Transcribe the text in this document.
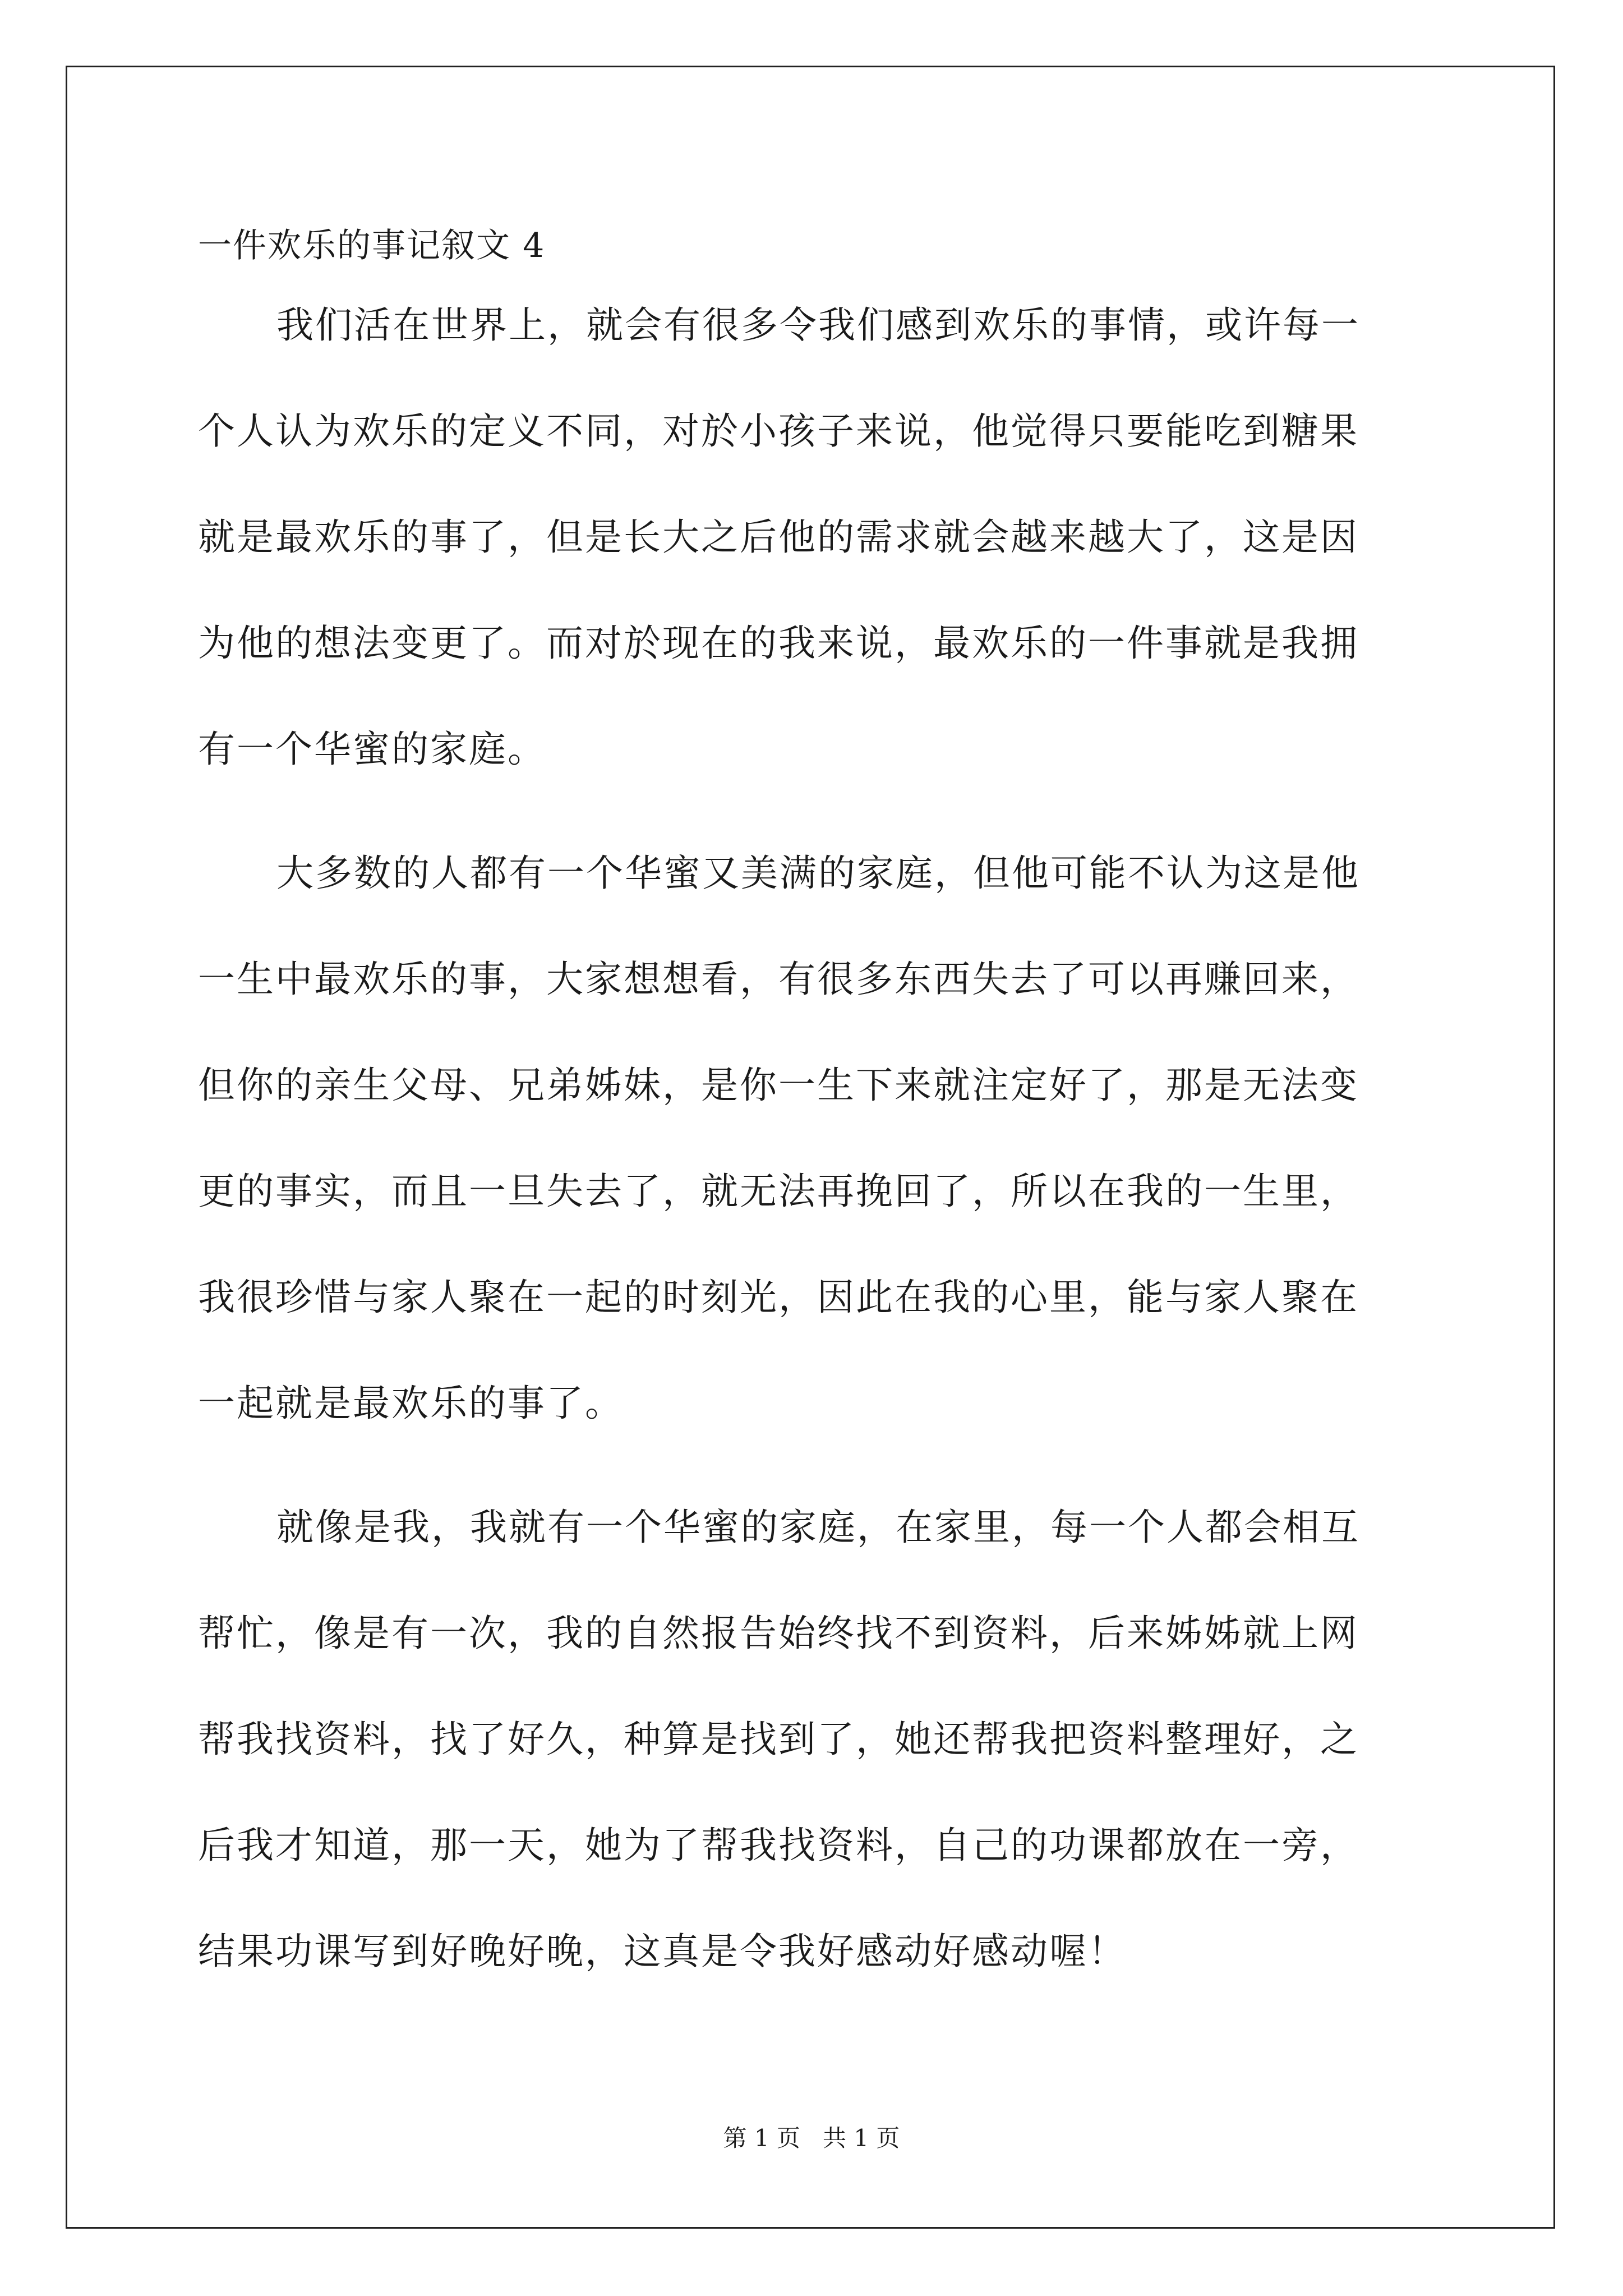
一件欢乐的事记叙文 4
我们活在世界上，就会有很多令我们感到欢乐的事情，或许每一
个人认为欢乐的定义不同，对於小孩子来说，他觉得只要能吃到糖果
就是最欢乐的事了，但是长大之后他的需求就会越来越大了，这是因
为他的想法变更了。而对於现在的我来说，最欢乐的一件事就是我拥
有一个华蜜的家庭。
大多数的人都有一个华蜜又美满的家庭，但他可能不认为这是他
一生中最欢乐的事，大家想想看，有很多东西失去了可以再赚回来，
但你的亲生父母、兄弟姊妹，是你一生下来就注定好了，那是无法变
更的事实，而且一旦失去了，就无法再挽回了，所以在我的一生里，
我很珍惜与家人聚在一起的时刻光，因此在我的心里，能与家人聚在
一起就是最欢乐的事了。
就像是我，我就有一个华蜜的家庭，在家里，每一个人都会相互
帮忙，像是有一次，我的自然报告始终找不到资料，后来姊姊就上网
帮我找资料，找了好久，种算是找到了，她还帮我把资料整理好，之
后我才知道，那一天，她为了帮我找资料，自己的功课都放在一旁，
结果功课写到好晚好晚，这真是令我好感动好感动喔！
第 1 页 共 1 页
